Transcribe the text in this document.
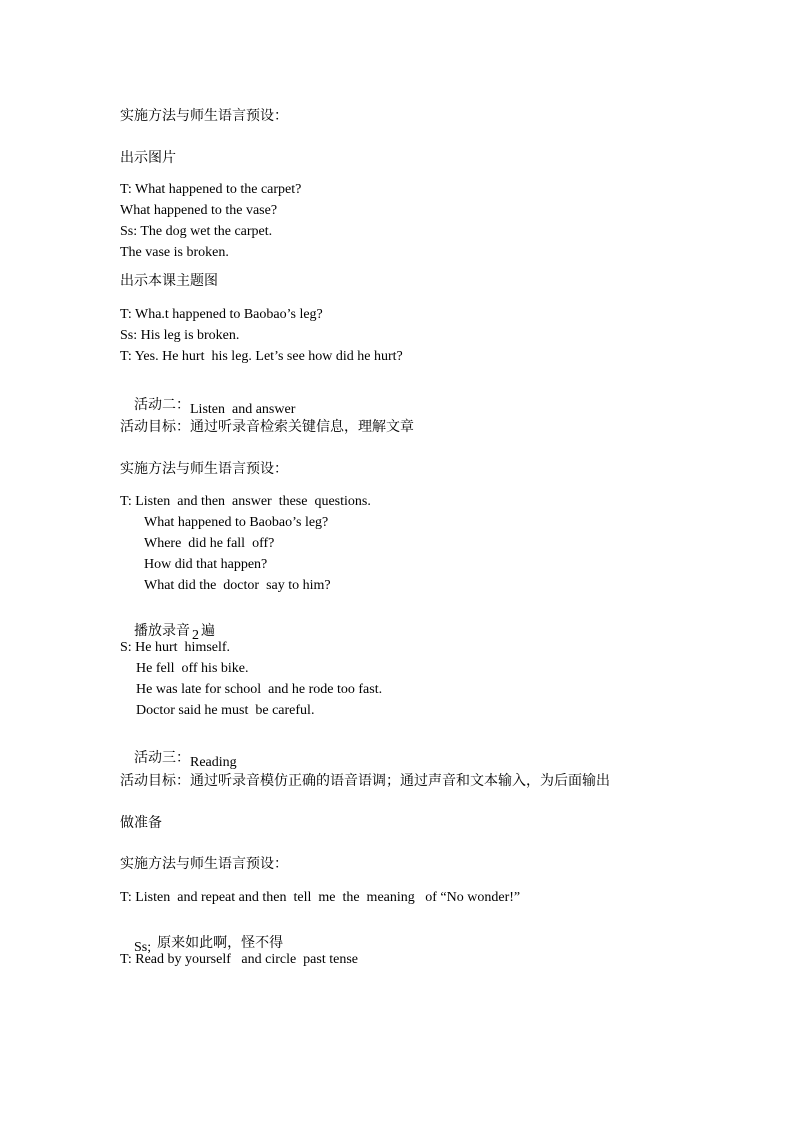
实施方法与师生语言预设：
出示图片
T: What happened to the carpet?
What happened to the vase?
Ss: The dog wet the carpet.
The vase is broken.
出示本课主题图
T: Wha.t happened to Baobao’s leg?
Ss: His leg is broken.
T: Yes. He hurt  his leg. Let’s see how did he hurt?

活动二：Listen  and answer

活动目标：通过听录音检索关键信息，理解文章
实施方法与师生语言预设：
T: Listen  and then  answer  these  questions.
What happened to Baobao’s leg?
Where  did he fall  off?
How did that happen?
What did the  doctor  say to him?

播放录音 2 遍

S: He hurt  himself.
He fell  off his bike.
He was late for school  and he rode too fast.
Doctor said he must  be careful.

活动三：Reading

活动目标：通过听录音模仿正确的语音语调；通过声音和文本输入，为后面输出
做准备
实施方法与师生语言预设：
T: Listen  and repeat and then  tell  me  the  meaning   of “No wonder!”

Ss; 原来如此啊，怪不得

T: Read by yourself   and circle  past tense
